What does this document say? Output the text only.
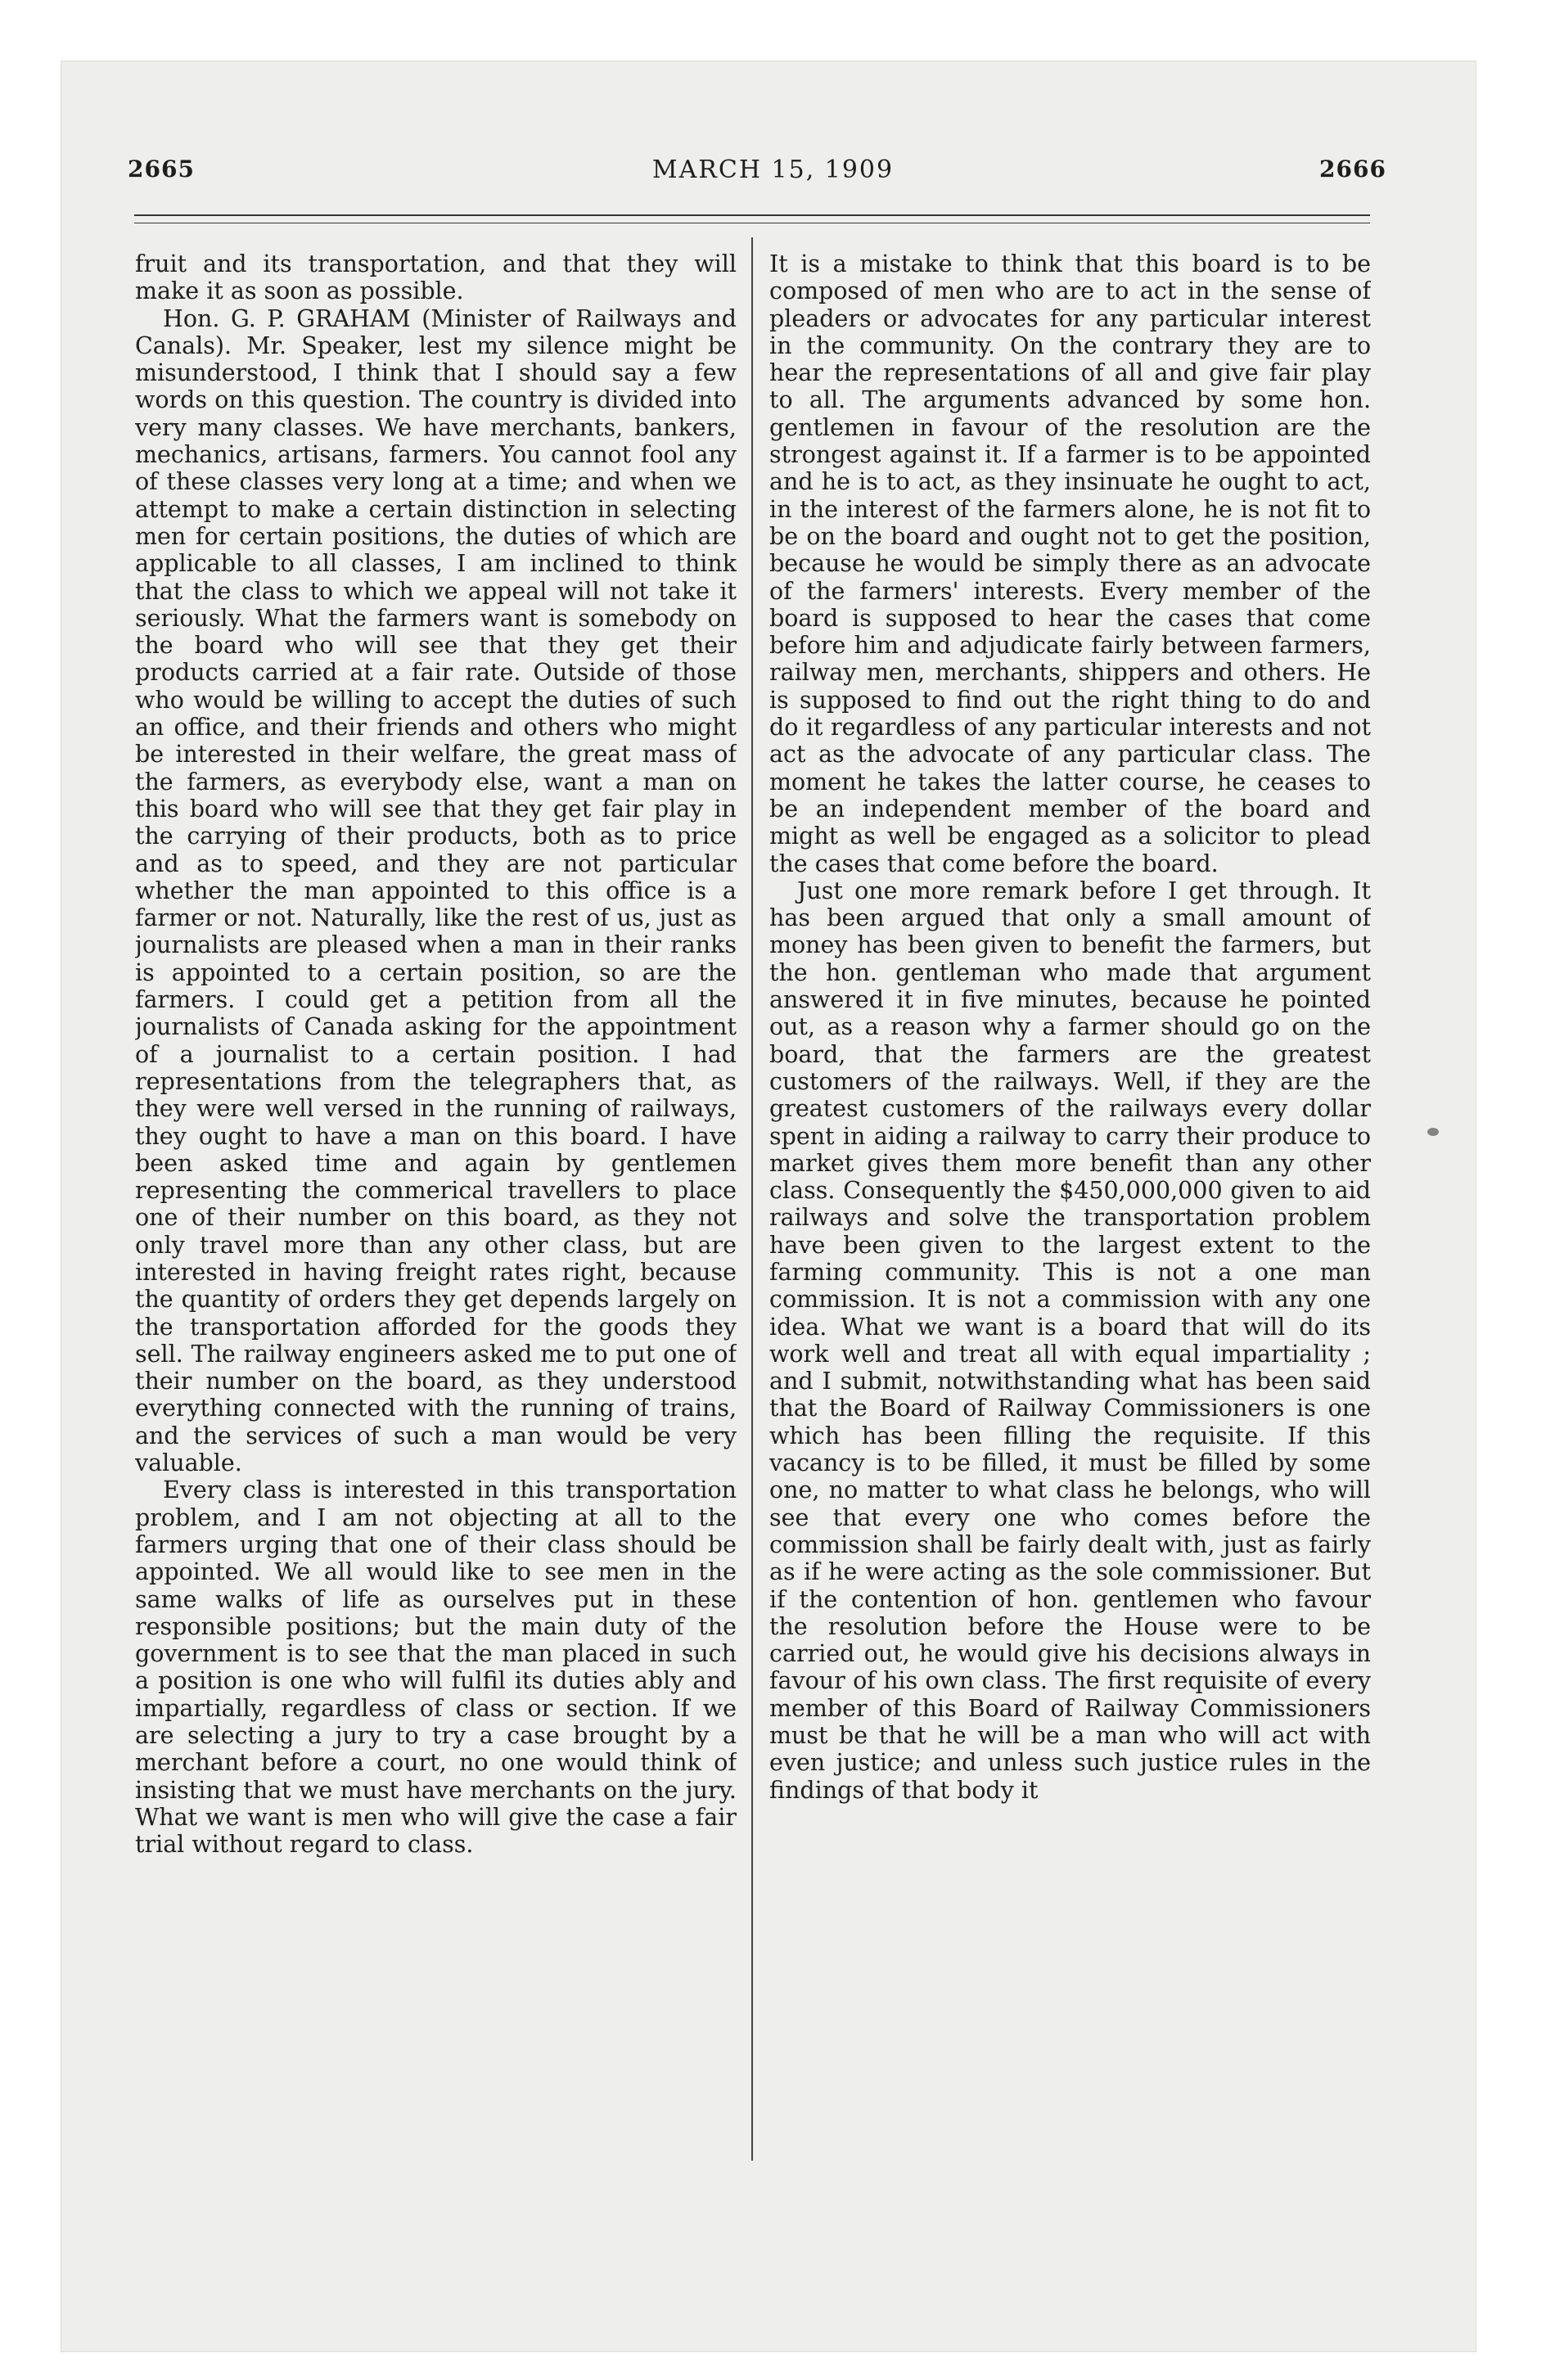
2665	MARCH 15, 1909	2666

fruit and its transportation, and that they will make it as soon as possible.

Hon. G. P. GRAHAM (Minister of Railways and Canals). Mr. Speaker, lest my silence might be misunderstood, I think that I should say a few words on this question. The country is divided into very many classes. We have merchants, bankers, mechanics, artisans, farmers. You cannot fool any of these classes very long at a time; and when we attempt to make a certain distinction in selecting men for certain positions, the duties of which are applicable to all classes, I am inclined to think that the class to which we appeal will not take it seriously. What the farmers want is somebody on the board who will see that they get their products carried at a fair rate. Outside of those who would be willing to accept the duties of such an office, and their friends and others who might be interested in their welfare, the great mass of the farmers, as everybody else, want a man on this board who will see that they get fair play in the carrying of their products, both as to price and as to speed, and they are not particular whether the man appointed to this office is a farmer or not. Naturally, like the rest of us, just as journalists are pleased when a man in their ranks is appointed to a certain position, so are the farmers. I could get a petition from all the journalists of Canada asking for the appointment of a journalist to a certain position. I had representations from the telegraphers that, as they were well versed in the running of railways, they ought to have a man on this board. I have been asked time and again by gentlemen representing the commerical travellers to place one of their number on this board, as they not only travel more than any other class, but are interested in having freight rates right, because the quantity of orders they get depends largely on the transportation afforded for the goods they sell. The railway engineers asked me to put one of their number on the board, as they understood everything connected with the running of trains, and the services of such a man would be very valuable.

Every class is interested in this transportation problem, and I am not objecting at all to the farmers urging that one of their class should be appointed. We all would like to see men in the same walks of life as ourselves put in these responsible positions; but the main duty of the government is to see that the man placed in such a position is one who will fulfil its duties ably and impartially, regardless of class or section. If we are selecting a jury to try a case brought by a merchant before a court, no one would think of insisting that we must have merchants on the jury. What we want is men who will give the case a fair trial without regard to class.

It is a mistake to think that this board is to be composed of men who are to act in the sense of pleaders or advocates for any particular interest in the community. On the contrary they are to hear the representations of all and give fair play to all. The arguments advanced by some hon. gentlemen in favour of the resolution are the strongest against it. If a farmer is to be appointed and he is to act, as they insinuate he ought to act, in the interest of the farmers alone, he is not fit to be on the board and ought not to get the position, because he would be simply there as an advocate of the farmers' interests. Every member of the board is supposed to hear the cases that come before him and adjudicate fairly between farmers, railway men, merchants, shippers and others. He is supposed to find out the right thing to do and do it regardless of any particular interests and not act as the advocate of any particular class. The moment he takes the latter course, he ceases to be an independent member of the board and might as well be engaged as a solicitor to plead the cases that come before the board.

Just one more remark before I get through. It has been argued that only a small amount of money has been given to benefit the farmers, but the hon. gentleman who made that argument answered it in five minutes, because he pointed out, as a reason why a farmer should go on the board, that the farmers are the greatest customers of the railways. Well, if they are the greatest customers of the railways every dollar spent in aiding a railway to carry their produce to market gives them more benefit than any other class. Consequently the $450,000,000 given to aid railways and solve the transportation problem have been given to the largest extent to the farming community. This is not a one man commission. It is not a commission with any one idea. What we want is a board that will do its work well and treat all with equal impartiality ; and I submit, notwithstanding what has been said that the Board of Railway Commissioners is one which has been filling the requisite. If this vacancy is to be filled, it must be filled by some one, no matter to what class he belongs, who will see that every one who comes before the commission shall be fairly dealt with, just as fairly as if he were acting as the sole commissioner. But if the contention of hon. gentlemen who favour the resolution before the House were to be carried out, he would give his decisions always in favour of his own class. The first requisite of every member of this Board of Railway Commissioners must be that he will be a man who will act with even justice; and unless such justice rules in the findings of that body it
